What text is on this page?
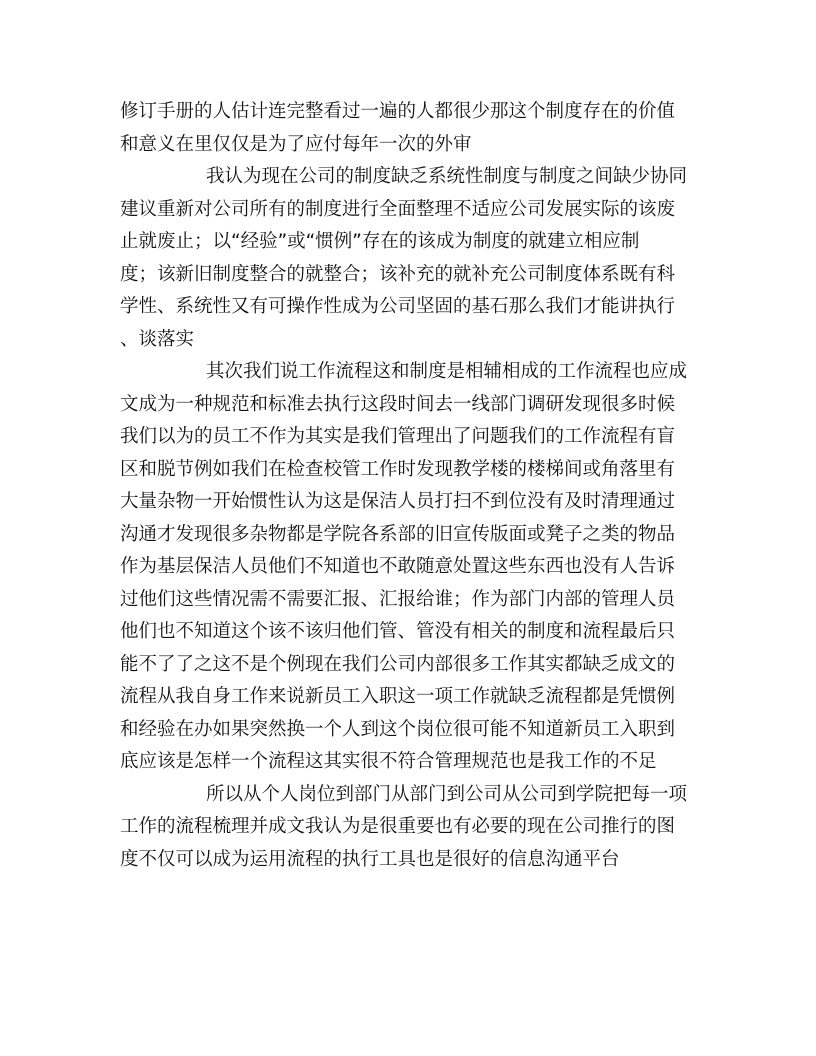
修订手册的人估计连完整看过一遍的人都很少那这个制度存在的价值
和意义在里仅仅是为了应付每年一次的外审
我认为现在公司的制度缺乏系统性制度与制度之间缺少协同
建议重新对公司所有的制度进行全面整理不适应公司发展实际的该废
止就废止；以“经验”或“惯例”存在的该成为制度的就建立相应制
度；该新旧制度整合的就整合；该补充的就补充公司制度体系既有科
学性、系统性又有可操作性成为公司坚固的基石那么我们才能讲执行
、谈落实
其次我们说工作流程这和制度是相辅相成的工作流程也应成
文成为一种规范和标准去执行这段时间去一线部门调研发现很多时候
我们以为的员工不作为其实是我们管理出了问题我们的工作流程有盲
区和脱节例如我们在检查校管工作时发现教学楼的楼梯间或角落里有
大量杂物一开始惯性认为这是保洁人员打扫不到位没有及时清理通过
沟通才发现很多杂物都是学院各系部的旧宣传版面或凳子之类的物品
作为基层保洁人员他们不知道也不敢随意处置这些东西也没有人告诉
过他们这些情况需不需要汇报、汇报给谁；作为部门内部的管理人员
他们也不知道这个该不该归他们管、管没有相关的制度和流程最后只
能不了了之这不是个例现在我们公司内部很多工作其实都缺乏成文的
流程从我自身工作来说新员工入职这一项工作就缺乏流程都是凭惯例
和经验在办如果突然换一个人到这个岗位很可能不知道新员工入职到
底应该是怎样一个流程这其实很不符合管理规范也是我工作的不足
所以从个人岗位到部门从部门到公司从公司到学院把每一项
工作的流程梳理并成文我认为是很重要也有必要的现在公司推行的图
度不仅可以成为运用流程的执行工具也是很好的信息沟通平台
